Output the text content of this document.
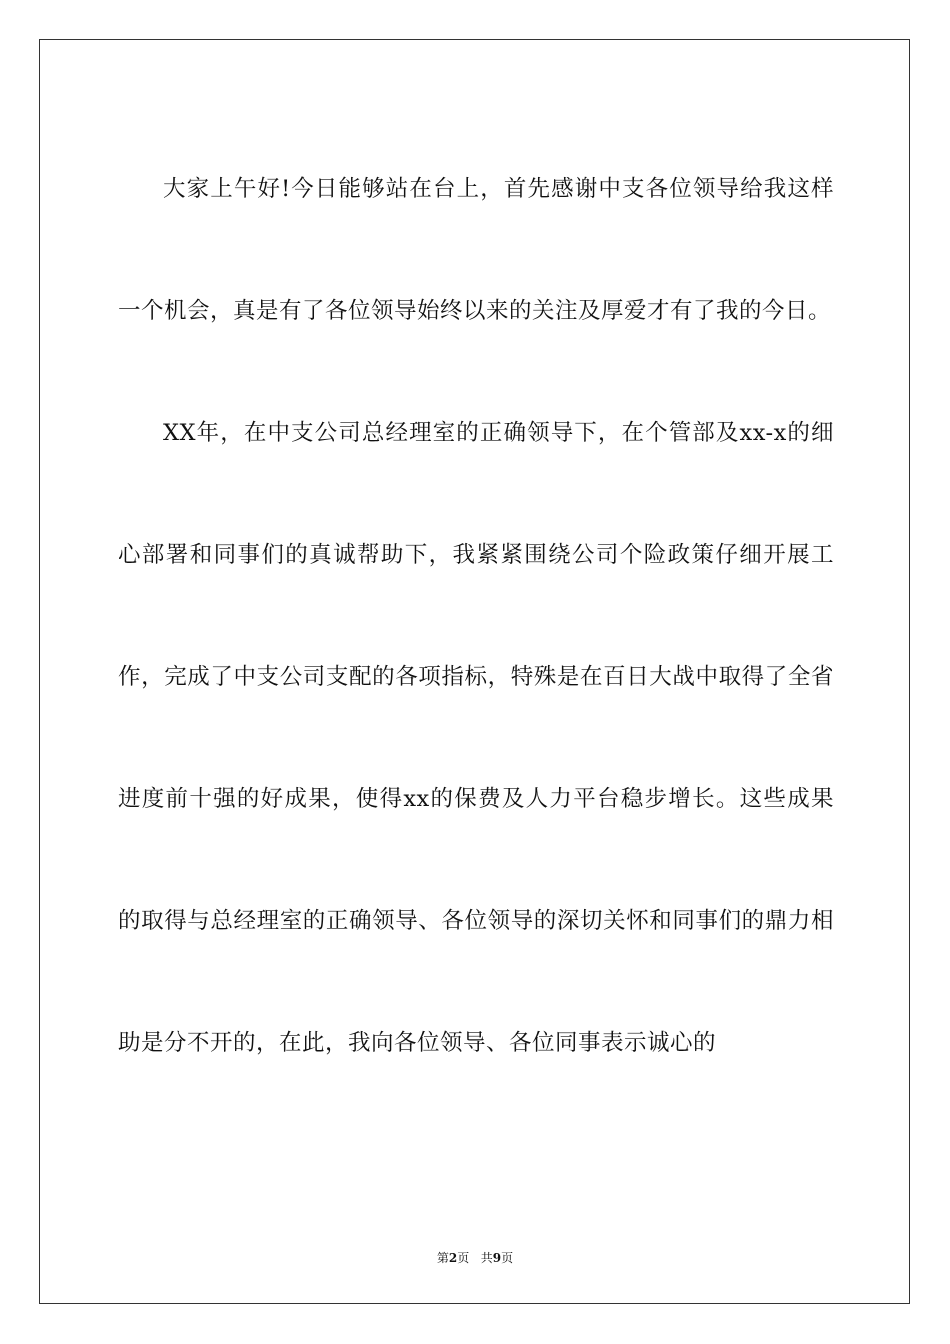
大家上午好!今日能够站在台上，首先感谢中支各位领导给我这样一个机会，真是有了各位领导始终以来的关注及厚爱才有了我的今日。

XX年，在中支公司总经理室的正确领导下，在个管部及xx-x的细心部署和同事们的真诚帮助下，我紧紧围绕公司个险政策仔细开展工作，完成了中支公司支配的各项指标，特殊是在百日大战中取得了全省进度前十强的好成果，使得xx的保费及人力平台稳步增长。这些成果的取得与总经理室的正确领导、各位领导的深切关怀和同事们的鼎力相助是分不开的，在此，我向各位领导、各位同事表示诚心的

第2页 共9页
